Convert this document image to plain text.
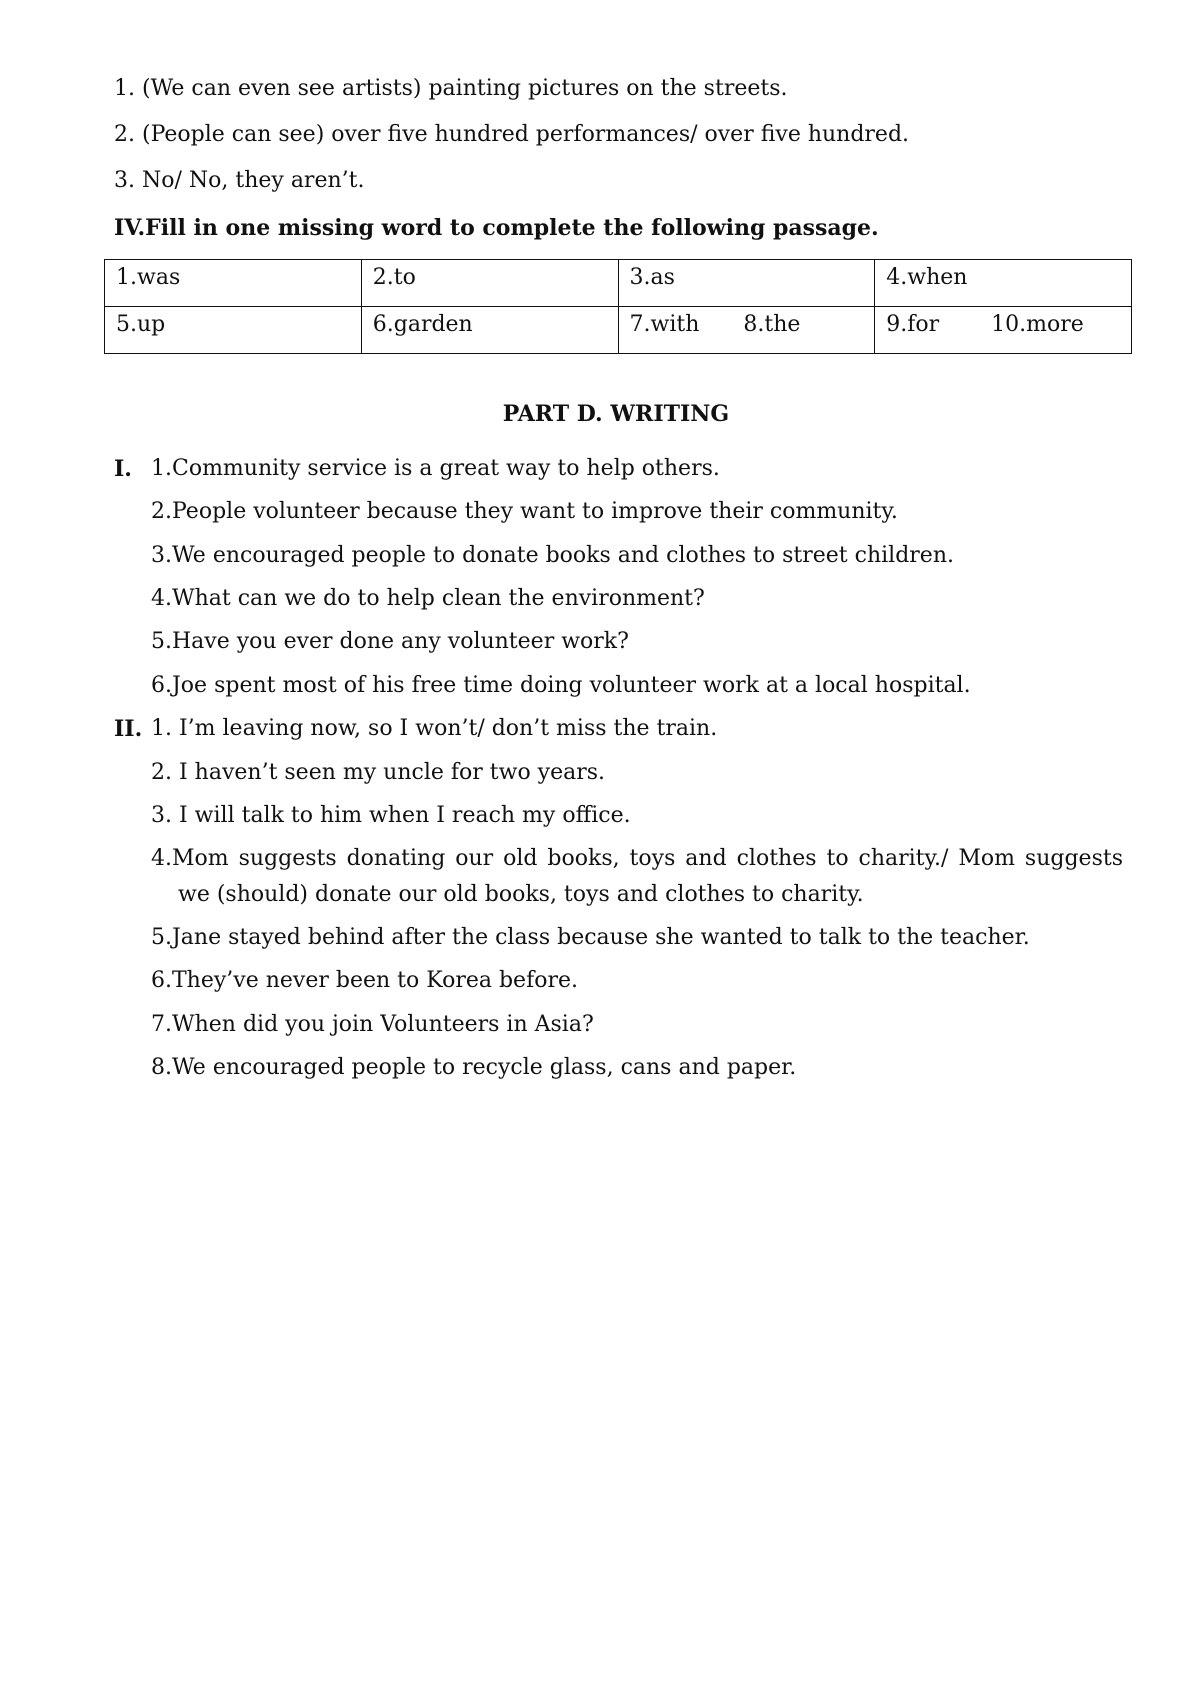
1. (We can even see artists) painting pictures on the streets.
2. (People can see) over five hundred performances/ over five hundred.
3. No/ No, they aren’t.
IV.Fill in one missing word to complete the following passage.
1.was	2.to	3.as	4.when
5.up	6.garden	7.with 8.the	9.for 10.more
PART D. WRITING
I. 1.Community service is a great way to help others.
2.People volunteer because they want to improve their community.
3.We encouraged people to donate books and clothes to street children.
4.What can we do to help clean the environment?
5.Have you ever done any volunteer work?
6.Joe spent most of his free time doing volunteer work at a local hospital.
II. 1. I’m leaving now, so I won’t/ don’t miss the train.
2. I haven’t seen my uncle for two years.
3. I will talk to him when I reach my office.
4.Mom suggests donating our old books, toys and clothes to charity./ Mom suggests
we (should) donate our old books, toys and clothes to charity.
5.Jane stayed behind after the class because she wanted to talk to the teacher.
6.They’ve never been to Korea before.
7.When did you join Volunteers in Asia?
8.We encouraged people to recycle glass, cans and paper.
